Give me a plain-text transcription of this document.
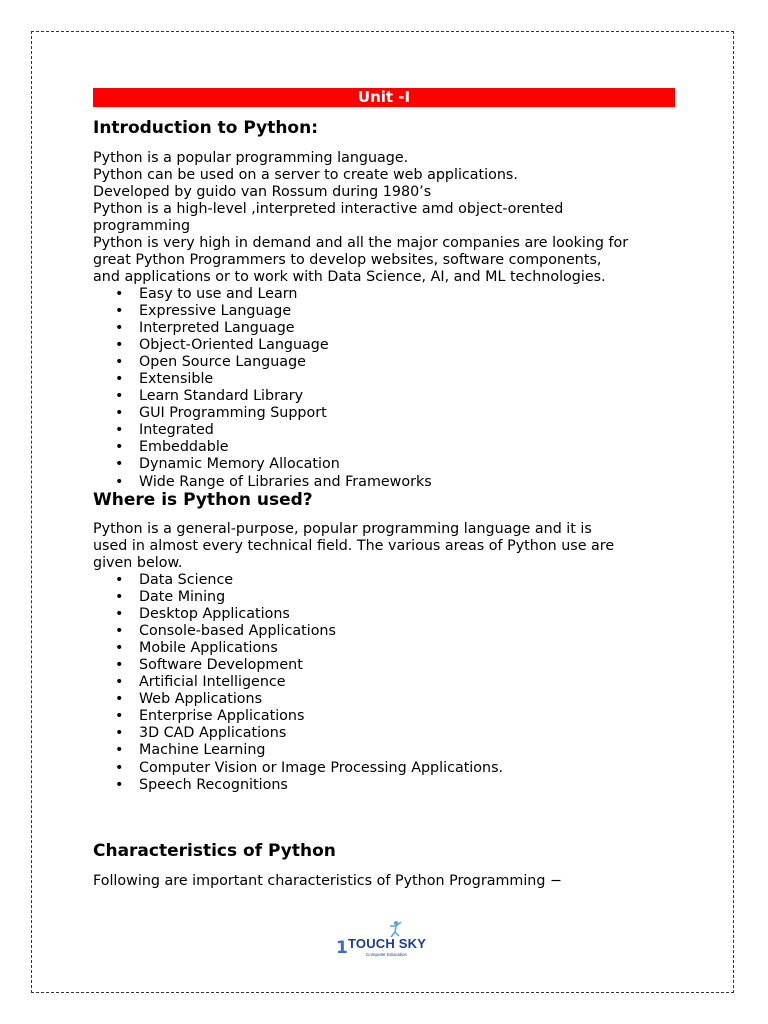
Unit -I
Introduction to Python:
Python is a popular programming language.
Python can be used on a server to create web applications.
Developed by guido van Rossum during 1980’s
Python is a high-level ,interpreted interactive amd object-orented
programming
Python is very high in demand and all the major companies are looking for
great Python Programmers to develop websites, software components,
and applications or to work with Data Science, AI, and ML technologies.
• Easy to use and Learn
• Expressive Language
• Interpreted Language
• Object-Oriented Language
• Open Source Language
• Extensible
• Learn Standard Library
• GUI Programming Support
• Integrated
• Embeddable
• Dynamic Memory Allocation
• Wide Range of Libraries and Frameworks
Where is Python used?
Python is a general-purpose, popular programming language and it is
used in almost every technical field. The various areas of Python use are
given below.
• Data Science
• Date Mining
• Desktop Applications
• Console-based Applications
• Mobile Applications
• Software Development
• Artificial Intelligence
• Web Applications
• Enterprise Applications
• 3D CAD Applications
• Machine Learning
• Computer Vision or Image Processing Applications.
• Speech Recognitions
Characteristics of Python
Following are important characteristics of Python Programming −
1 TOUCH SKY
Computer Education
